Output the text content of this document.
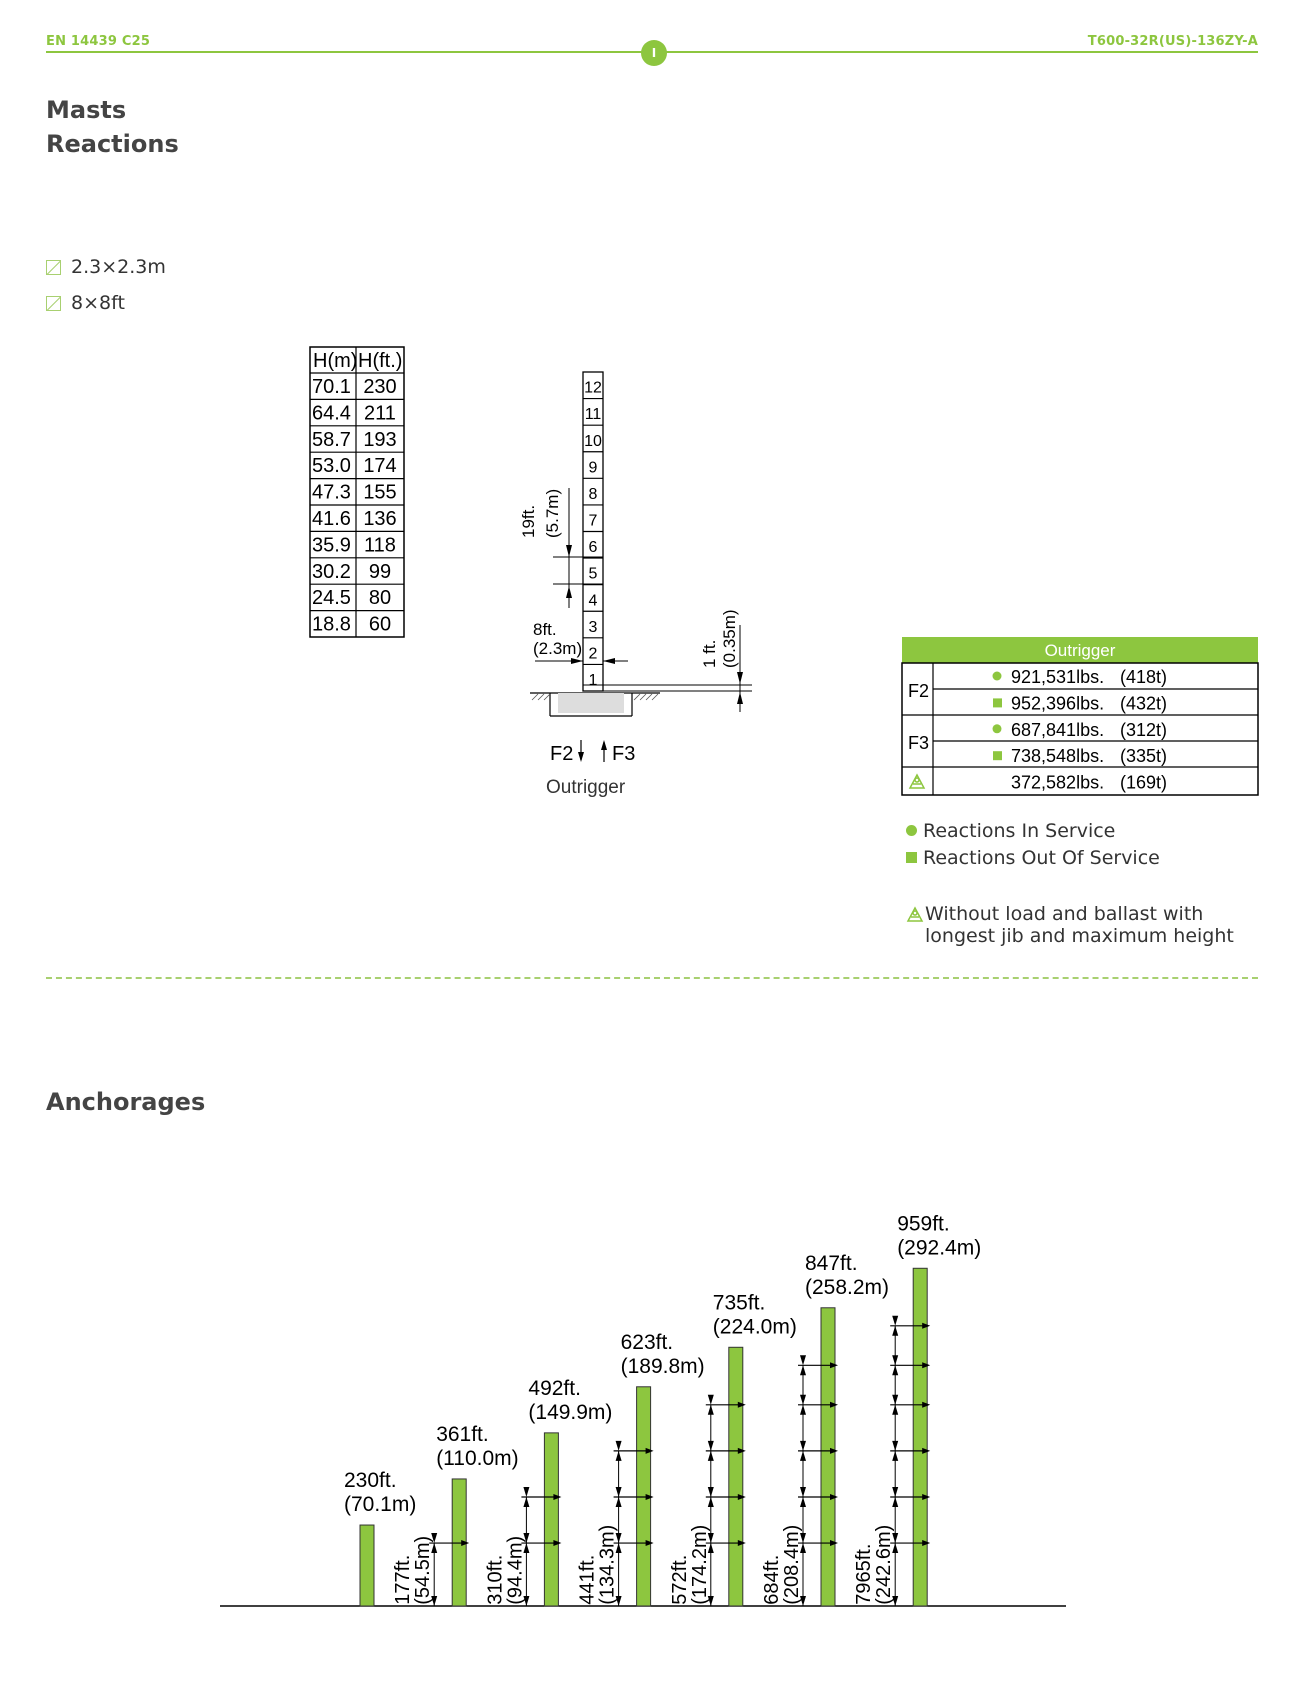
EN 14439 C25	T600-32R(US)-136ZY-A
I
Masts
Reactions
2.3×2.3m
8×8ft
H(m) H(ft.)
70.1 230
64.4 211
58.7 193
53.0 174
47.3 155
41.6 136
35.9 118
30.2 99
24.5 80
18.8 60
12
11
10
9
8
7
6
5
4
3
2
1
19ft. (5.7m)
8ft.
(2.3m)	1 ft. (0.35m)
F2 F3
Outrigger
Outrigger
F2
F3
921,531lbs. (418t)
952,396lbs. (432t)
687,841lbs. (312t)
738,548lbs. (335t)
372,582lbs. (169t)
230ft.
(70.1m)
361ft.
(110.0m)
177ft.
(54.5m)
492ft.
(149.9m)
310ft.
(94.4m)
623ft.
(189.8m)
441ft.
(134.3m)
735ft.
(224.0m)
572ft.
(174.2m)
847ft.
(258.2m)
684ft.
(208.4m)
959ft.
(292.4m)
7965ft.
(242.6m)
Reactions In Service
Reactions Out Of Service
Without load and ballast with longest jib and maximum height
Anchorages
